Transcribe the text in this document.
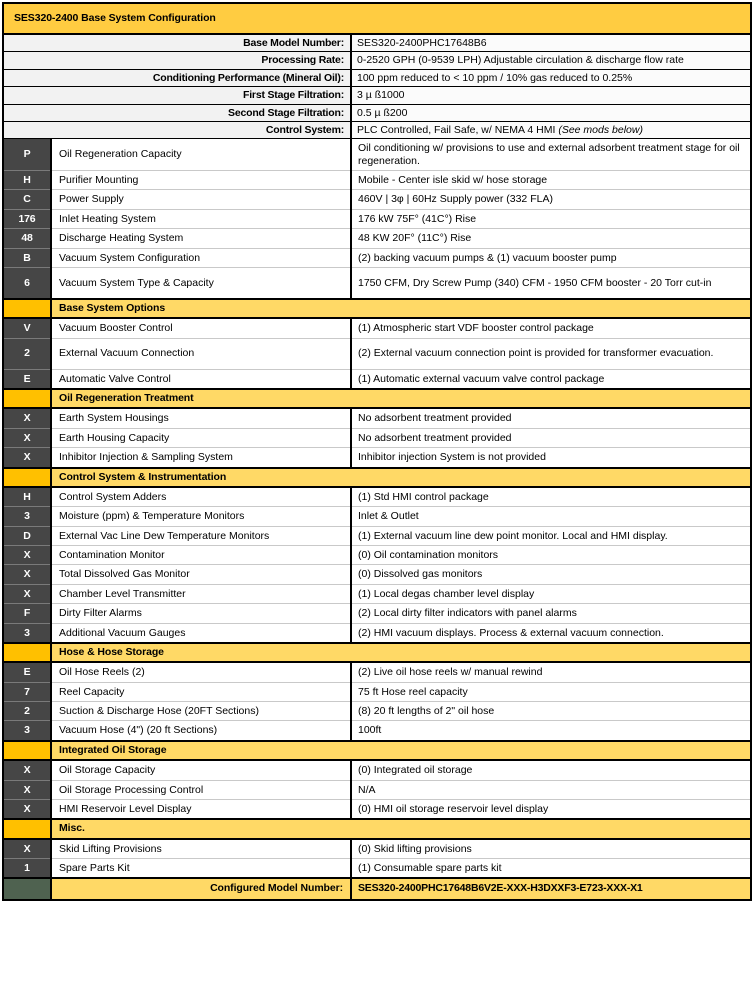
SES320-2400 Base System Configuration		
Base Model Number:		SES320-2400PHC17648B6
Processing Rate:		0-2520 GPH (0-9539 LPH) Adjustable circulation & discharge flow rate
Conditioning Performance (Mineral Oil):		100 ppm reduced to < 10 ppm / 10% gas reduced to 0.25%
First Stage Filtration:		3 µ ß1000
Second Stage Filtration:		0.5 µ ß200
Control System:		PLC Controlled, Fail Safe, w/ NEMA 4 HMI (See mods below)
P	Oil Regeneration Capacity	Oil conditioning w/ provisions to use and external adsorbent treatment stage for oil regeneration.
H	Purifier Mounting	Mobile - Center isle skid w/ hose storage
C	Power Supply	460V | 3φ | 60Hz Supply power (332 FLA)
176	Inlet Heating System	176 kW 75F° (41C°) Rise
48	Discharge Heating System	48 KW 20F° (11C°) Rise
B	Vacuum System Configuration	(2) backing vacuum pumps & (1) vacuum booster pump
6	Vacuum System Type & Capacity	1750 CFM, Dry Screw Pump (340) CFM - 1950 CFM booster - 20 Torr cut-in
	Base System Options	
V	Vacuum Booster Control	(1) Atmospheric start VDF booster control package
2	External Vacuum Connection	(2) External vacuum connection point is provided for transformer evacuation.
E	Automatic Valve Control	(1) Automatic external vacuum valve control package
	Oil Regeneration Treatment	
X	Earth System Housings	No adsorbent treatment provided
X	Earth Housing Capacity	No adsorbent treatment provided
X	Inhibitor Injection & Sampling System	Inhibitor injection System is not provided
	Control System & Instrumentation	
H	Control System Adders	(1) Std HMI control package
3	Moisture (ppm) & Temperature Monitors	Inlet & Outlet
D	External Vac Line Dew Temperature Monitors	(1) External vacuum line dew point monitor. Local and HMI display.
X	Contamination Monitor	(0) Oil contamination monitors
X	Total Dissolved Gas Monitor	(0) Dissolved gas monitors
X	Chamber Level Transmitter	(1) Local degas chamber level display
F	Dirty Filter Alarms	(2) Local dirty filter indicators with panel alarms
3	Additional Vacuum Gauges	(2) HMI vacuum displays. Process & external vacuum connection.
	Hose & Hose Storage	
E	Oil Hose Reels (2)	(2) Live oil hose reels w/ manual rewind
7	Reel Capacity	75 ft Hose reel capacity
2	Suction & Discharge Hose (20FT Sections)	(8) 20 ft lengths of 2" oil hose
3	Vacuum Hose (4") (20 ft Sections)	100ft
	Integrated Oil Storage	
X	Oil Storage Capacity	(0) Integrated oil storage
X	Oil Storage Processing Control	N/A
X	HMI Reservoir Level Display	(0) HMI oil storage reservoir level display
	Misc.	
X	Skid Lifting Provisions	(0) Skid lifting provisions
1	Spare Parts Kit	(1) Consumable spare parts kit
	Configured Model Number:	SES320-2400PHC17648B6V2E-XXX-H3DXXF3-E723-XXX-X1
